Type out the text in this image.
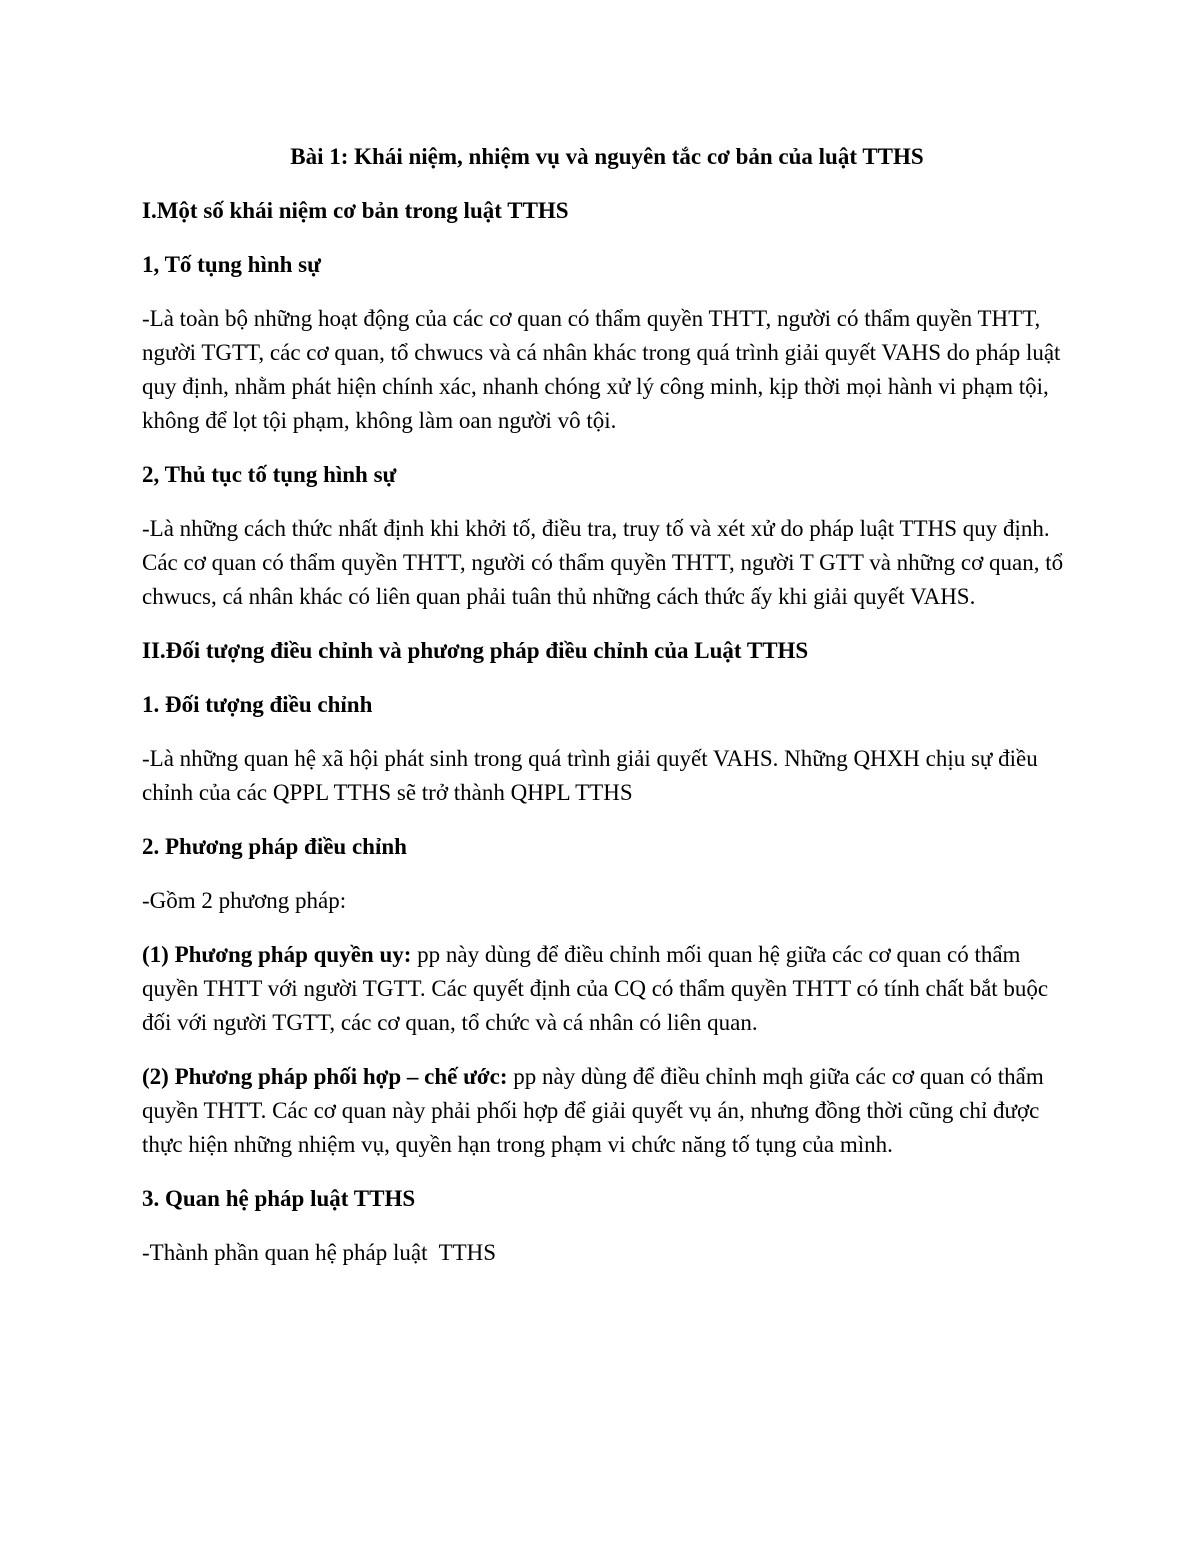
Bài 1: Khái niệm, nhiệm vụ và nguyên tắc cơ bản của luật TTHS

I.Một số khái niệm cơ bản trong luật TTHS

1, Tố tụng hình sự

-Là toàn bộ những hoạt động của các cơ quan có thẩm quyền THTT, người có thẩm quyền THTT, người TGTT, các cơ quan, tổ chwucs và cá nhân khác trong quá trình giải quyết VAHS do pháp luật quy định, nhằm phát hiện chính xác, nhanh chóng xử lý công minh, kịp thời mọi hành vi phạm tội, không để lọt tội phạm, không làm oan người vô tội.

2, Thủ tục tố tụng hình sự

-Là những cách thức nhất định khi khởi tố, điều tra, truy tố và xét xử do pháp luật TTHS quy định. Các cơ quan có thẩm quyền THTT, người có thẩm quyền THTT, người T GTT và những cơ quan, tổ chwucs, cá nhân khác có liên quan phải tuân thủ những cách thức ấy khi giải quyết VAHS.

II.Đối tượng điều chỉnh và phương pháp điều chỉnh của Luật TTHS

1. Đối tượng điều chỉnh

-Là những quan hệ xã hội phát sinh trong quá trình giải quyết VAHS. Những QHXH chịu sự điều chỉnh của các QPPL TTHS sẽ trở thành QHPL TTHS

2. Phương pháp điều chỉnh

-Gồm 2 phương pháp:

(1) Phương pháp quyền uy: pp này dùng để điều chỉnh mối quan hệ giữa các cơ quan có thẩm quyền THTT với người TGTT. Các quyết định của CQ có thẩm quyền THTT có tính chất bắt buộc đối với người TGTT, các cơ quan, tổ chức và cá nhân có liên quan.

(2) Phương pháp phối hợp – chế ước: pp này dùng để điều chỉnh mqh giữa các cơ quan có thẩm quyền THTT. Các cơ quan này phải phối hợp để giải quyết vụ án, nhưng đồng thời cũng chỉ được thực hiện những nhiệm vụ, quyền hạn trong phạm vi chức năng tố tụng của mình.

3. Quan hệ pháp luật TTHS

-Thành phần quan hệ pháp luật  TTHS
